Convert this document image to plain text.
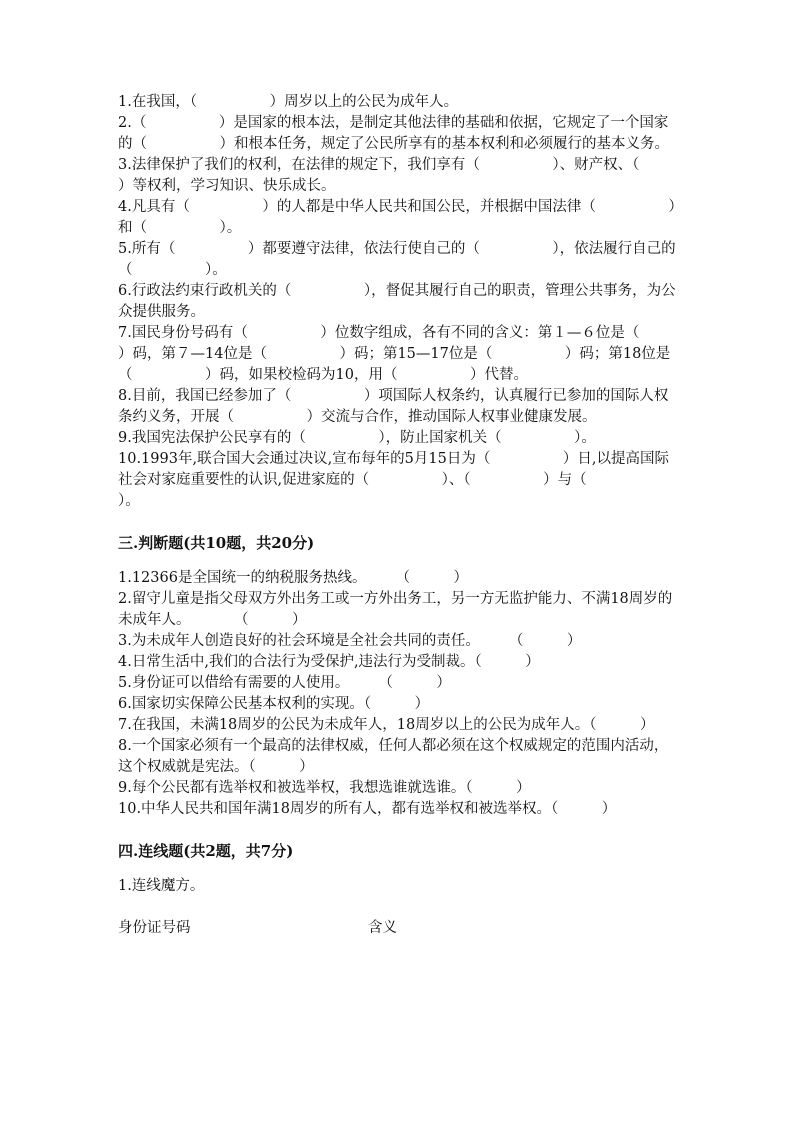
1.在我国，（　　　　　）周岁以上的公民为成年人。

2.（　　　　　）是国家的根本法，是制定其他法律的基础和依据，它规定了一个国家的（　　　　　）和根本任务，规定了公民所享有的基本权利和必须履行的基本义务。

3.法律保护了我们的权利，在法律的规定下，我们享有（　　　　　）、财产权、（　　　　　）等权利，学习知识、快乐成长。

4.凡具有（　　　　　）的人都是中华人民共和国公民，并根据中国法律（　　　　　）和（　　　　　）。

5.所有（　　　　　）都要遵守法律，依法行使自己的（　　　　　），依法履行自己的（　　　　　）。

6.行政法约束行政机关的（　　　　　），督促其履行自己的职责，管理公共事务，为公众提供服务。

7.国民身份号码有（　　　　　）位数字组成，各有不同的含义：第１—６位是（　　　　　）码，第７—14位是（　　　　　）码；第15—17位是（　　　　　）码；第18位是（　　　　　）码，如果校检码为10，用（　　　　　）代替。

8.目前，我国已经参加了（　　　　　）项国际人权条约，认真履行已参加的国际人权条约义务，开展（　　　　　）交流与合作，推动国际人权事业健康发展。

9.我国宪法保护公民享有的（　　　　　），防止国家机关（　　　　　）。

10.1993年,联合国大会通过决议,宣布每年的5月15日为（　　　　　）日,以提高国际社会对家庭重要性的认识,促进家庭的（　　　　　）、（　　　　　）与（　　　　　）。

三.判断题(共10题，共20分)

1.12366是全国统一的纳税服务热线。　　　（　　　）

2.留守儿童是指父母双方外出务工或一方外出务工，另一方无监护能力、不满18周岁的未成年人。　　　　（　　　）

3.为未成年人创造良好的社会环境是全社会共同的责任。　　　（　　　）

4.日常生活中,我们的合法行为受保护,违法行为受制裁。（　　　）

5.身份证可以借给有需要的人使用。　　　（　　　）

6.国家切实保障公民基本权利的实现。（　　　）

7.在我国，未满18周岁的公民为未成年人，18周岁以上的公民为成年人。（　　　）

8.一个国家必须有一个最高的法律权威，任何人都必须在这个权威规定的范围内活动，这个权威就是宪法。（　　　）

9.每个公民都有选举权和被选举权，我想选谁就选谁。（　　　）

10.中华人民共和国年满18周岁的所有人，都有选举权和被选举权。（　　　）

四.连线题(共2题，共7分)

1.连线魔方。

身份证号码	含义
